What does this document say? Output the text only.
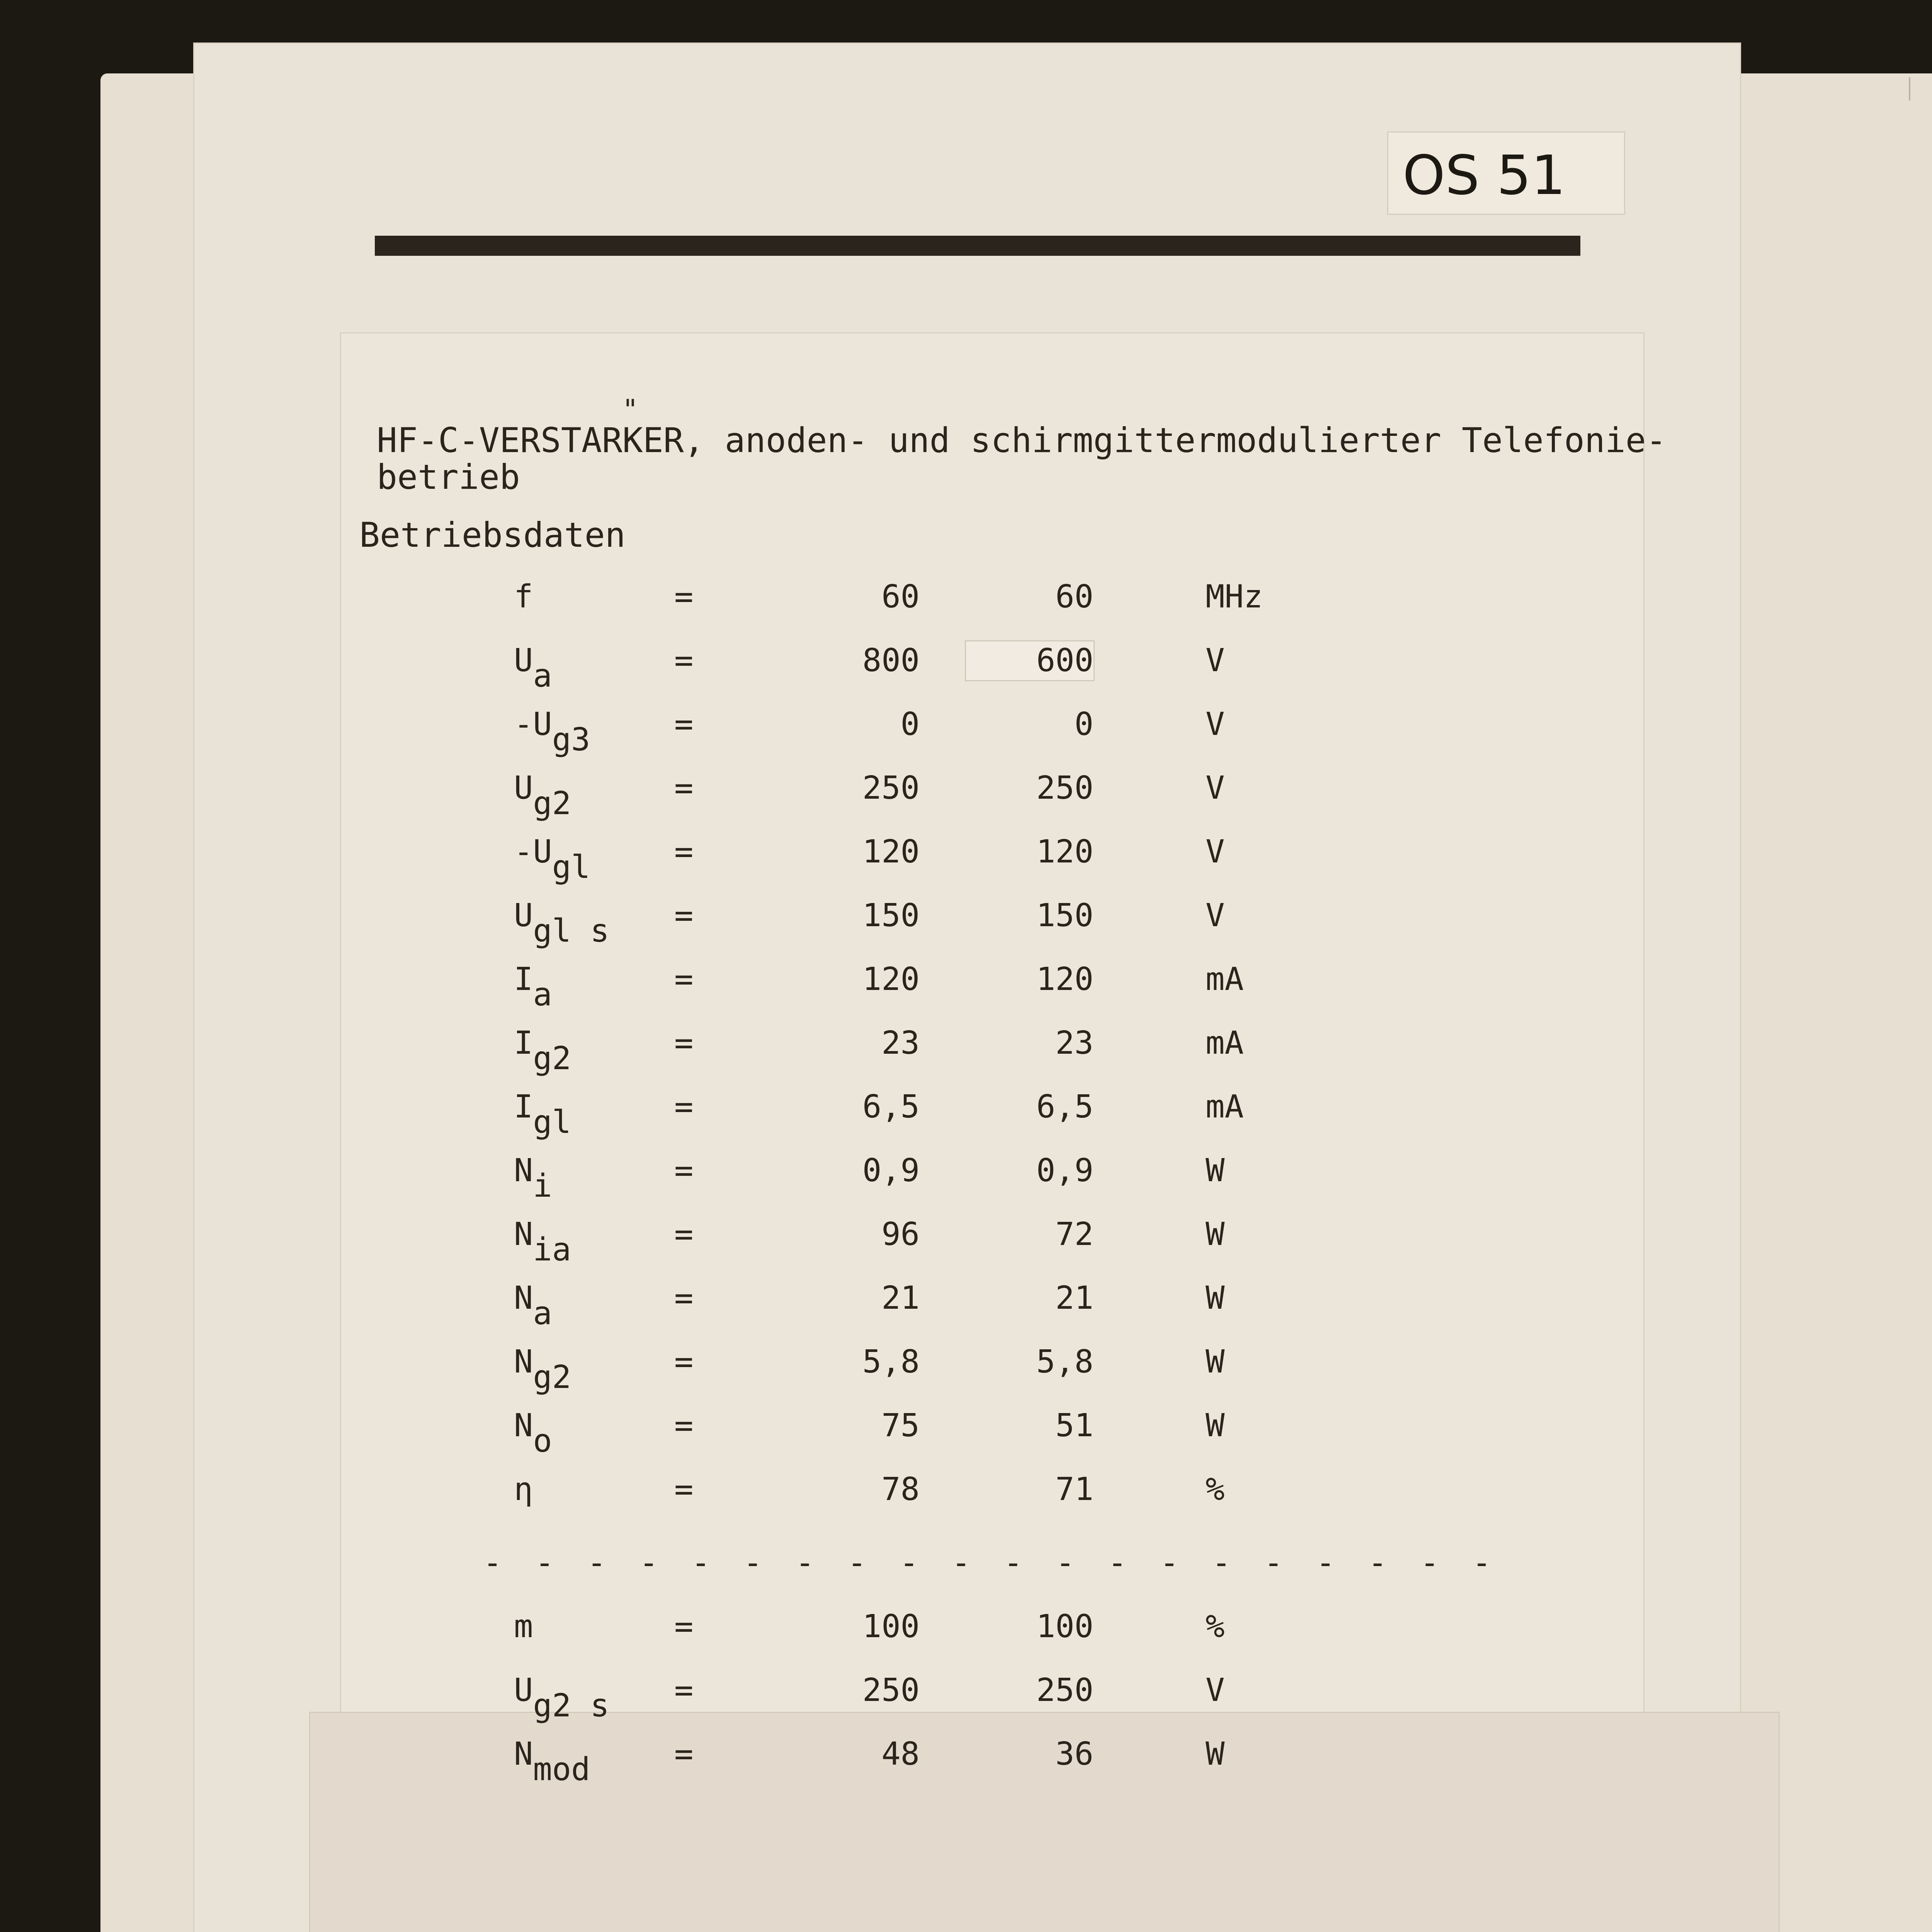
OS 51
"
HF-C-VERSTARKER, anoden- und schirmgittermodulierter Telefonie-
betrieb
Betriebsdaten
f	=	60	60	MHz
$U_a$	=	800	600	V
$-U_{g3}$	=	0	0	V
$U_{g2}$	=	250	250	V
$-U_{gl}$	=	120	120	V
$U_{gl s}$ =	150	150	V
$I_a$	=	120	120	mA
$I_{g2}$	=	23	23	mA
$I_{gl}$	=	6,5	6,5	mA
$N_i$	=	0,9	0,9	W
$N_{ia}$	=	96	72	W
$N_a$	=	21	21	W
$N_{g2}$	=	5,8	5,8	W
$N_o$	=	75	51	W
η	=	78	71	%
- - - - - - - - - - - - - - - - - - - -
m	=	100	100	%
$U_{g2 s}$ =	250	250	V
$N_{mod}$	=	48	36	W
